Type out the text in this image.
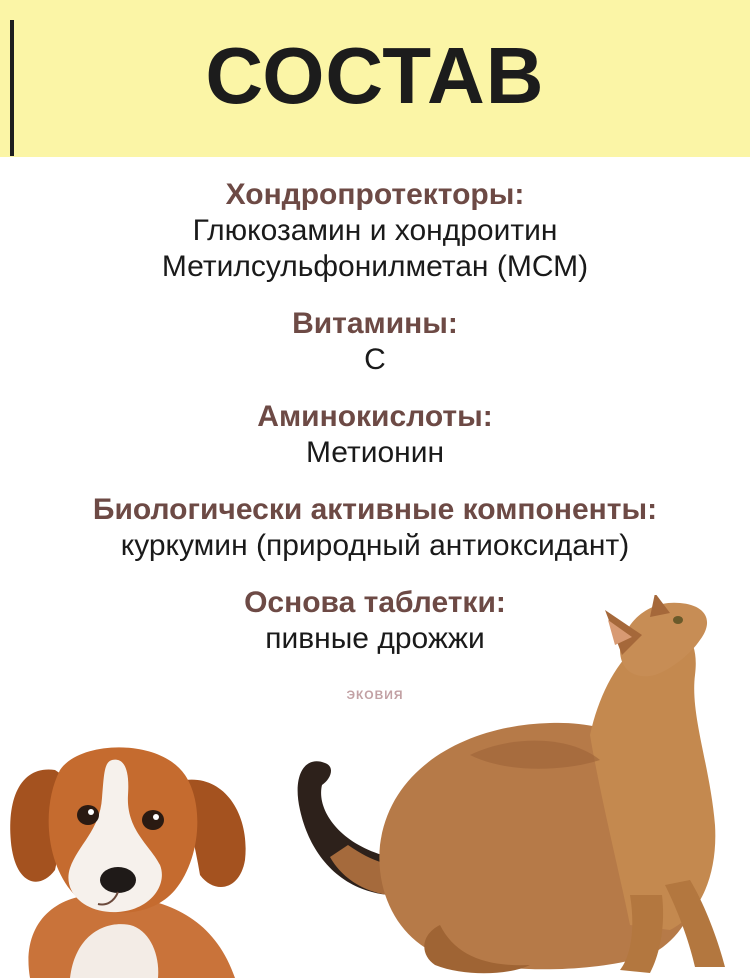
СОСТАВ
Хондропротекторы:
Глюкозамин и хондроитин
Метилсульфонилметан (МСМ)
Витамины:
С
Аминокислоты:
Метионин
Биологически активные компоненты:
куркумин (природный антиоксидант)
Основа таблетки:
пивные дрожжи
ЭКОВИЯ
